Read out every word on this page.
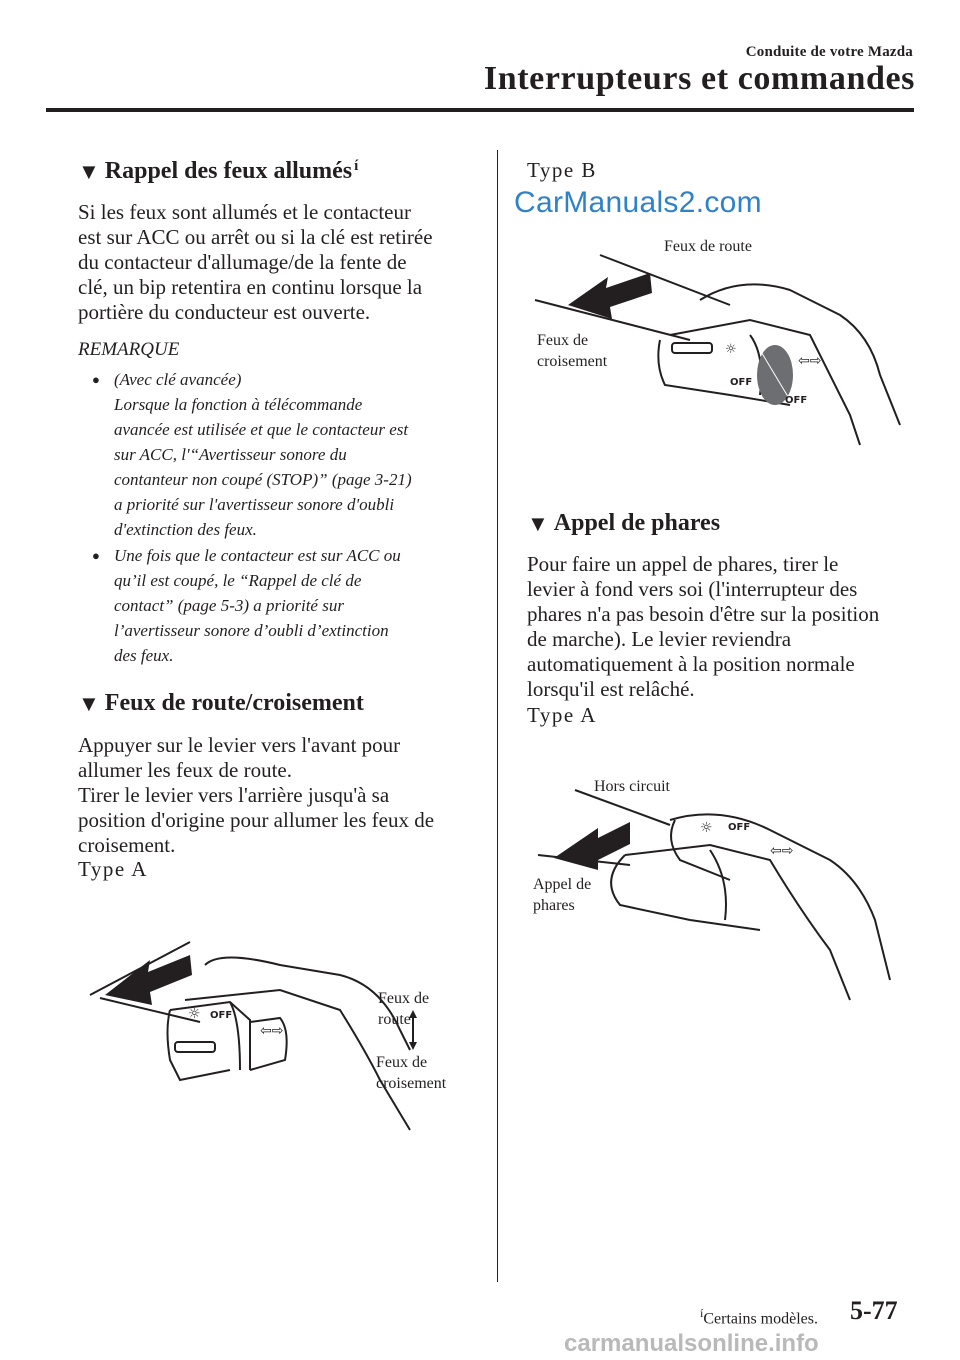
Conduite de votre Mazda
Interrupteurs et commandes
▼ Rappel des feux allumés í

Si les feux sont allumés et le contacteur

est sur ACC ou arrêt ou si la clé est retirée

du contacteur d'allumage/de la fente de

clé, un bip retentira en continu lorsque la

portière du conducteur est ouverte.

REMARQUE
● (Avec clé avancée)
Lorsque la fonction à télécommande
avancée est utilisée et que le contacteur est
sur ACC, l'“Avertisseur sonore du
contanteur non coupé (STOP)” (page 3-21)
a priorité sur l'avertisseur sonore d'oubli
d'extinction des feux.
● Une fois que le contacteur est sur ACC ou
qu’il est coupé, le “Rappel de clé de
contact” (page 5-3) a priorité sur
l’avertisseur sonore d’oubli d’extinction
des feux.
▼ Feux de route/croisement

Appuyer sur le levier vers l'avant pour

allumer les feux de route.

Tirer le levier vers l'arrière jusqu'à sa

position d'origine pour allumer les feux de

croisement.

Type A
☼ OFF
⇦⇨
Feux de
route
Feux de
croisement
Type B
CarManuals2.com
☼
OFF
OFF
⇦⇨
Feux de route
Feux de
croisement
▼ Appel de phares

Pour faire un appel de phares, tirer le

levier à fond vers soi (l'interrupteur des

phares n'a pas besoin d'être sur la position

de marche). Le levier reviendra

automatiquement à la position normale

lorsqu'il est relâché.

Type A
☼ OFF
⇦⇨
Hors circuit
Appel de
phares
$^í$Certains modèles. 5-77
carmanualsonline.info
